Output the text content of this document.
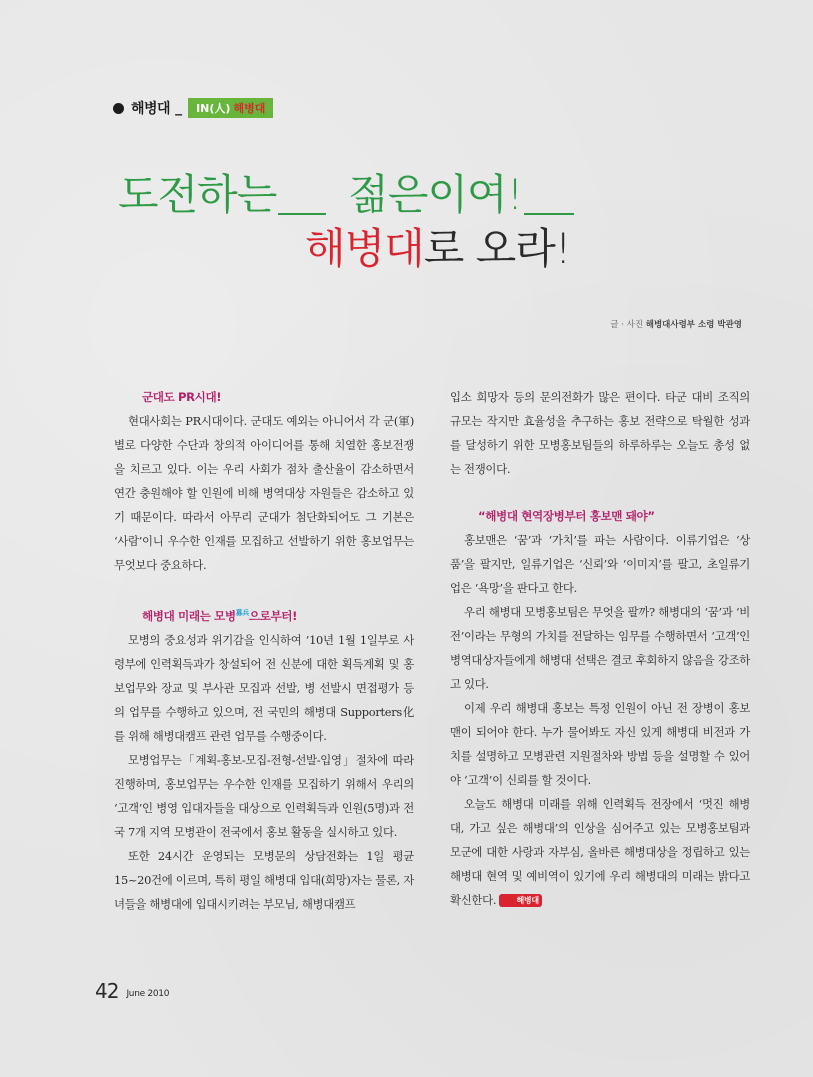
해병대 _ IN(人) 해병대
도전하는 젊은이여!
해병대로 오라!
글 · 사진 해병대사령부 소령 박관영

군대도 PR시대!

현대사회는 PR시대이다. 군대도 예외는 아니어서 각 군(軍)별로 다양한 수단과 창의적 아이디어를 통해 치열한 홍보전쟁을 치르고 있다. 이는 우리 사회가 점차 출산율이 감소하면서 연간 충원해야 할 인원에 비해 병역대상 자원들은 감소하고 있기 때문이다. 따라서 아무리 군대가 첨단화되어도 그 기본은 ‘사람’이니 우수한 인재를 모집하고 선발하기 위한 홍보업무는 무엇보다 중요하다.

해병대 미래는 모병$^{募兵}$으로부터!

모병의 중요성과 위기감을 인식하여 ’10년 1월 1일부로 사령부에 인력획득과가 창설되어 전 신분에 대한 획득계획 및 홍보업무와 장교 및 부사관 모집과 선발, 병 선발시 면접평가 등의 업무를 수행하고 있으며, 전 국민의 해병대 Supporters化를 위해 해병대캠프 관련 업무를 수행중이다.

모병업무는「계획-홍보-모집-전형-선발-입영」절차에 따라 진행하며, 홍보업무는 우수한 인재를 모집하기 위해서 우리의 ‘고객’인 병영 입대자들을 대상으로 인력획득과 인원(5명)과 전국 7개 지역 모병관이 전국에서 홍보 활동을 실시하고 있다.

또한 24시간 운영되는 모병문의 상담전화는 1일 평균 15~20건에 이르며, 특히 평일 해병대 입대(희망)자는 물론, 자녀들을 해병대에 입대시키려는 부모님, 해병대캠프

입소 희망자 등의 문의전화가 많은 편이다. 타군 대비 조직의 규모는 작지만 효율성을 추구하는 홍보 전략으로 탁월한 성과를 달성하기 위한 모병홍보팀들의 하루하루는 오늘도 총성 없는 전쟁이다.

“해병대 현역장병부터 홍보맨 돼야”

홍보맨은 ‘꿈’과 ‘가치’를 파는 사람이다. 이류기업은 ‘상품’을 팔지만, 일류기업은 ‘신뢰’와 ‘이미지’를 팔고, 초일류기업은 ‘욕망’을 판다고 한다.

우리 해병대 모병홍보팀은 무엇을 팔까? 해병대의 ‘꿈’과 ‘비전’이라는 무형의 가치를 전달하는 임무를 수행하면서 ‘고객’인 병역대상자들에게 해병대 선택은 결코 후회하지 않음을 강조하고 있다.

이제 우리 해병대 홍보는 특정 인원이 아닌 전 장병이 홍보맨이 되어야 한다. 누가 물어봐도 자신 있게 해병대 비전과 가치를 설명하고 모병관련 지원절차와 방법 등을 설명할 수 있어야 ‘고객’이 신뢰를 할 것이다.

오늘도 해병대 미래를 위해 인력획득 전장에서 ‘멋진 해병대, 가고 싶은 해병대’의 인상을 심어주고 있는 모병홍보팀과 모군에 대한 사랑과 자부심, 올바른 해병대상을 정립하고 있는 해병대 현역 및 예비역이 있기에 우리 해병대의 미래는 밝다고 확신한다.	해병대

42 June 2010
